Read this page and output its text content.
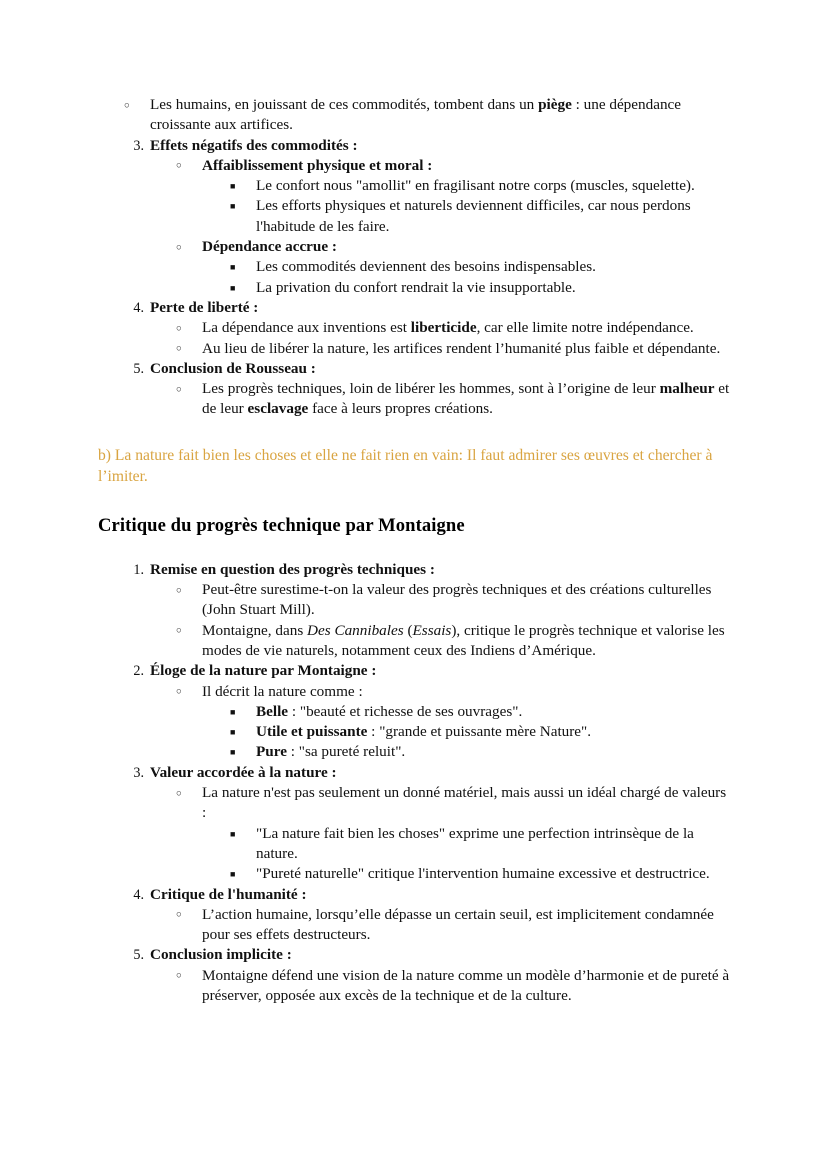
○	Les humains, en jouissant de ces commodités, tombent dans un piège : une dépendance croissante aux artifices.
3. Effets négatifs des commodités :
○	Affaiblissement physique et moral :
■	Le confort nous "amollit" en fragilisant notre corps (muscles, squelette).
■	Les efforts physiques et naturels deviennent difficiles, car nous perdons l'habitude de les faire.
○	Dépendance accrue :
■	Les commodités deviennent des besoins indispensables.
■	La privation du confort rendrait la vie insupportable.
4. Perte de liberté :
○	La dépendance aux inventions est liberticide, car elle limite notre indépendance.
○	Au lieu de libérer la nature, les artifices rendent l’humanité plus faible et dépendante.
5. Conclusion de Rousseau :
○	Les progrès techniques, loin de libérer les hommes, sont à l’origine de leur malheur et de leur esclavage face à leurs propres créations.

b) La nature fait bien les choses et elle ne fait rien en vain: Il faut admirer ses œuvres et chercher à l’imiter.

Critique du progrès technique par Montaigne
1. Remise en question des progrès techniques :
○	Peut-être surestime-t-on la valeur des progrès techniques et des créations culturelles (John Stuart Mill).
○	Montaigne, dans Des Cannibales (Essais), critique le progrès technique et valorise les modes de vie naturels, notamment ceux des Indiens d’Amérique.
2. Éloge de la nature par Montaigne :
○	Il décrit la nature comme :
■	Belle : "beauté et richesse de ses ouvrages".
■	Utile et puissante : "grande et puissante mère Nature".
■	Pure : "sa pureté reluit".
3. Valeur accordée à la nature :
○	La nature n'est pas seulement un donné matériel, mais aussi un idéal chargé de valeurs :
■	"La nature fait bien les choses" exprime une perfection intrinsèque de la nature.
■	"Pureté naturelle" critique l'intervention humaine excessive et destructrice.
4. Critique de l'humanité :
○	L’action humaine, lorsqu’elle dépasse un certain seuil, est implicitement condamnée pour ses effets destructeurs.
5. Conclusion implicite :
○	Montaigne défend une vision de la nature comme un modèle d’harmonie et de pureté à préserver, opposée aux excès de la technique et de la culture.
